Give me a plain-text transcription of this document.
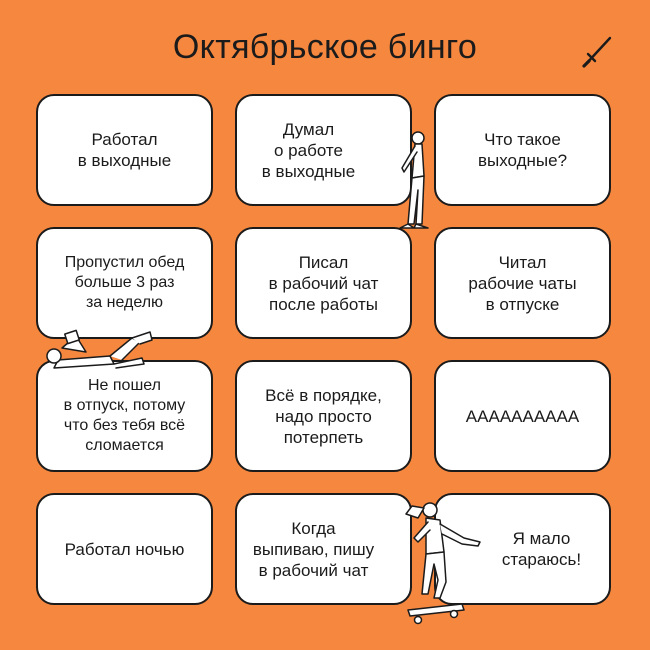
Октябрьское бинго
Работал
в выходные
Думал
о работе
в выходные
Что такое
выходные?
Пропустил обед
больше 3 раз
за неделю
Писал
в рабочий чат
после работы
Читал
рабочие чаты
в отпуске
Не пошел
в отпуск, потому
что без тебя всё
сломается
Всё в порядке,
надо просто
потерпеть
АААААААААА
Работал ночью
Когда
выпиваю, пишу
в рабочий чат
Я мало
стараюсь!
